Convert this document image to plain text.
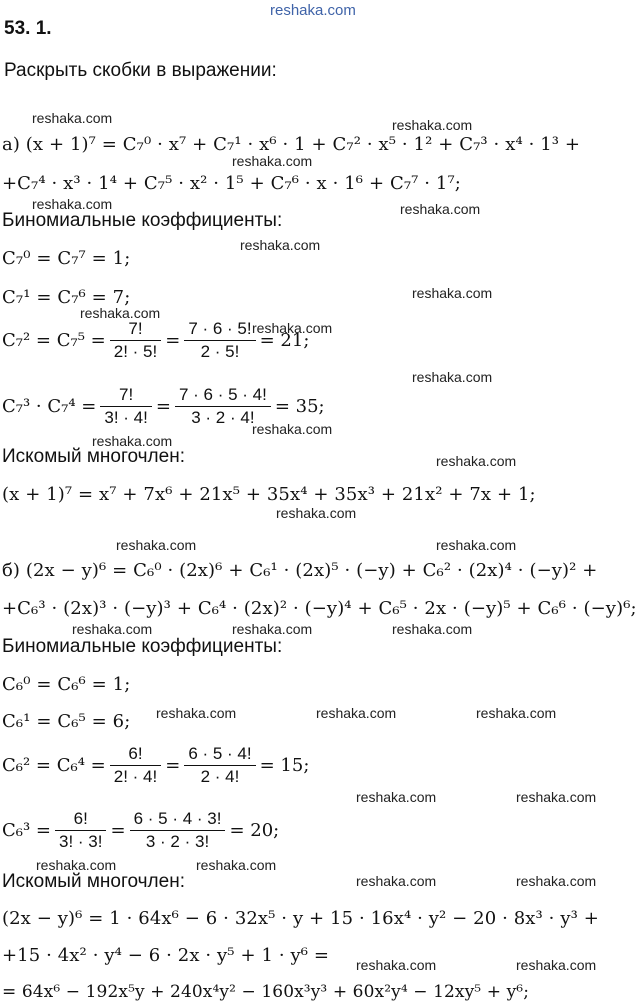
reshaka.com
53. 1.
Раскрыть скобки в выражении:
а) (x + 1)⁷ = C₇⁰ · x⁷ + C₇¹ · x⁶ · 1 + C₇² · x⁵ · 1² + C₇³ · x⁴ · 1³ +
+C₇⁴ · x³ · 1⁴ + C₇⁵ · x² · 1⁵ + C₇⁶ · x · 1⁶ + C₇⁷ · 1⁷;
Биномиальные коэффициенты:
C₇⁰ = C₇⁷ = 1;
C₇¹ = C₇⁶ = 7;
$C_7^2 = C_7^5 = \frac{7!}{2! \cdot 5!} = \frac{7 \cdot 6 \cdot 5!}{2 \cdot 5!} = 21$;
$C_7^3 \cdot C_7^4 = \frac{7!}{3! \cdot 4!} = \frac{7 \cdot 6 \cdot 5 \cdot 4!}{3 \cdot 2 \cdot 4!} = 35$;
Искомый многочлен:
(x + 1)⁷ = x⁷ + 7x⁶ + 21x⁵ + 35x⁴ + 35x³ + 21x² + 7x + 1;
б) (2x − y)⁶ = C₆⁰ · (2x)⁶ + C₆¹ · (2x)⁵ · (−y) + C₆² · (2x)⁴ · (−y)² +
+C₆³ · (2x)³ · (−y)³ + C₆⁴ · (2x)² · (−y)⁴ + C₆⁵ · 2x · (−y)⁵ + C₆⁶ · (−y)⁶;
Биномиальные коэффициенты:
C₆⁰ = C₆⁶ = 1;
C₆¹ = C₆⁵ = 6;
$C_6^2 = C_6^4 = \frac{6!}{2! \cdot 4!} = \frac{6 \cdot 5 \cdot 4!}{2 \cdot 4!} = 15$;
$C_6^3 = \frac{6!}{3! \cdot 3!} = \frac{6 \cdot 5 \cdot 4 \cdot 3!}{3 \cdot 2 \cdot 3!} = 20$;
Искомый многочлен:
(2x − y)⁶ = 1 · 64x⁶ − 6 · 32x⁵ · y + 15 · 16x⁴ · y² − 20 · 8x³ · y³ +
+15 · 4x² · y⁴ − 6 · 2x · y⁵ + 1 · y⁶ =
= 64x⁶ − 192x⁵y + 240x⁴y² − 160x³y³ + 60x²y⁴ − 12xy⁵ + y⁶;
reshaka.com	reshaka.com
reshaka.com
reshaka.com	reshaka.com
reshaka.com
reshaka.com
reshaka.com
reshaka.com
reshaka.com
reshaka.com
reshaka.com
reshaka.com
reshaka.com
reshaka.com	reshaka.com
reshaka.com	reshaka.com	reshaka.com
reshaka.com	reshaka.com	reshaka.com
reshaka.com	reshaka.com
reshaka.com	reshaka.com
reshaka.com	reshaka.com
reshaka.com	reshaka.com
